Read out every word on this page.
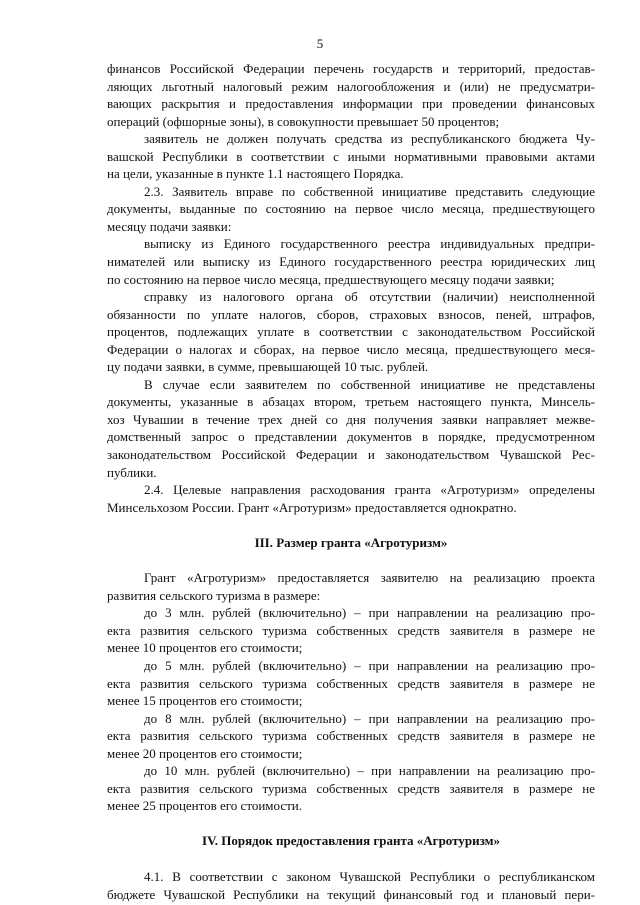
5

финансов Российской Федерации перечень государств и территорий, предостав-

ляющих льготный налоговый режим налогообложения и (или) не предусматри-

вающих раскрытия и предоставления информации при проведении финансовых

операций (офшорные зоны), в совокупности превышает 50 процентов;

заявитель не должен получать средства из республиканского бюджета Чу-

вашской Республики в соответствии с иными нормативными правовыми актами

на цели, указанные в пункте 1.1 настоящего Порядка.

2.3. Заявитель вправе по собственной инициативе представить следующие

документы, выданные по состоянию на первое число месяца, предшествующего

месяцу подачи заявки:

выписку из Единого государственного реестра индивидуальных предпри-

нимателей или выписку из Единого государственного реестра юридических лиц

по состоянию на первое число месяца, предшествующего месяцу подачи заявки;

справку из налогового органа об отсутствии (наличии) неисполненной

обязанности по уплате налогов, сборов, страховых взносов, пеней, штрафов,

процентов, подлежащих уплате в соответствии с законодательством Российской

Федерации о налогах и сборах, на первое число месяца, предшествующего меся-

цу подачи заявки, в сумме, превышающей 10 тыс. рублей.

В случае если заявителем по собственной инициативе не представлены

документы, указанные в абзацах втором, третьем настоящего пункта, Минсель-

хоз Чувашии в течение трех дней со дня получения заявки направляет межве-

домственный запрос о представлении документов в порядке, предусмотренном

законодательством Российской Федерации и законодательством Чувашской Рес-

публики.

2.4. Целевые направления расходования гранта «Агротуризм» определены

Минсельхозом России. Грант «Агротуризм» предоставляется однократно.

III. Размер гранта «Агротуризм»

Грант «Агротуризм» предоставляется заявителю на реализацию проекта

развития сельского туризма в размере:

до 3 млн. рублей (включительно) – при направлении на реализацию про-

екта развития сельского туризма собственных средств заявителя в размере не

менее 10 процентов его стоимости;

до 5 млн. рублей (включительно) – при направлении на реализацию про-

екта развития сельского туризма собственных средств заявителя в размере не

менее 15 процентов его стоимости;

до 8 млн. рублей (включительно) – при направлении на реализацию про-

екта развития сельского туризма собственных средств заявителя в размере не

менее 20 процентов его стоимости;

до 10 млн. рублей (включительно) – при направлении на реализацию про-

екта развития сельского туризма собственных средств заявителя в размере не

менее 25 процентов его стоимости.

IV. Порядок предоставления гранта «Агротуризм»

4.1. В соответствии с законом Чувашской Республики о республиканском

бюджете Чувашской Республики на текущий финансовый год и плановый пери-
